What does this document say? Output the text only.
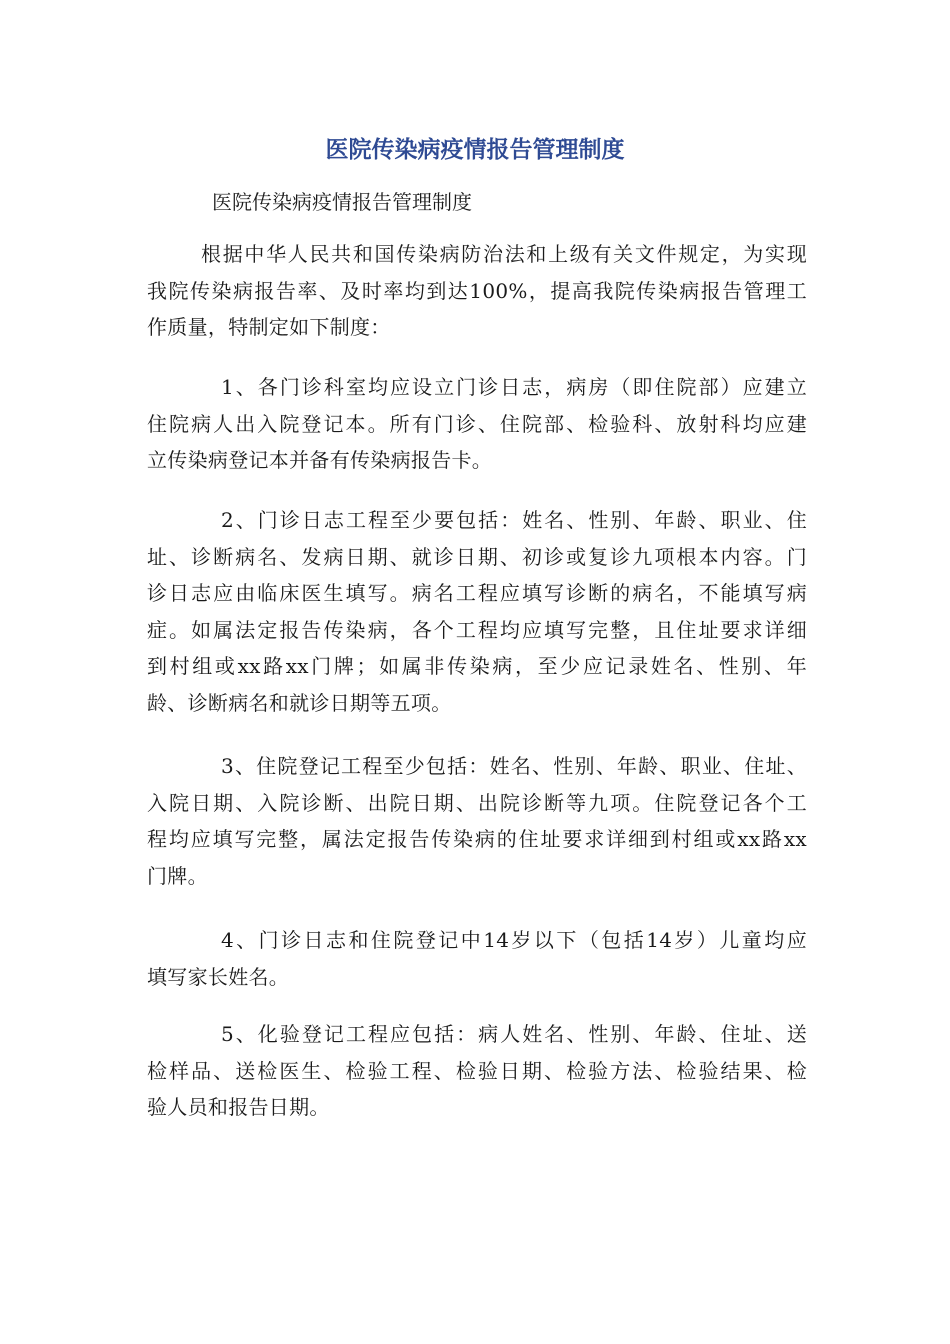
医院传染病疫情报告管理制度

医院传染病疫情报告管理制度

根据中华人民共和国传染病防治法和上级有关文件规定，为实现
我院传染病报告率、及时率均到达100%，提高我院传染病报告管理工
作质量，特制定如下制度：
1、各门诊科室均应设立门诊日志，病房（即住院部）应建立
住院病人出入院登记本。所有门诊、住院部、检验科、放射科均应建
立传染病登记本并备有传染病报告卡。
2、门诊日志工程至少要包括：姓名、性别、年龄、职业、住
址、诊断病名、发病日期、就诊日期、初诊或复诊九项根本内容。门
诊日志应由临床医生填写。病名工程应填写诊断的病名，不能填写病
症。如属法定报告传染病，各个工程均应填写完整，且住址要求详细
到村组或xx路xx门牌；如属非传染病，至少应记录姓名、性别、年
龄、诊断病名和就诊日期等五项。
3、住院登记工程至少包括：姓名、性别、年龄、职业、住址、
入院日期、入院诊断、出院日期、出院诊断等九项。住院登记各个工
程均应填写完整，属法定报告传染病的住址要求详细到村组或xx路xx
门牌。
4、门诊日志和住院登记中14岁以下（包括14岁）儿童均应
填写家长姓名。
5、化验登记工程应包括：病人姓名、性别、年龄、住址、送
检样品、送检医生、检验工程、检验日期、检验方法、检验结果、检
验人员和报告日期。
